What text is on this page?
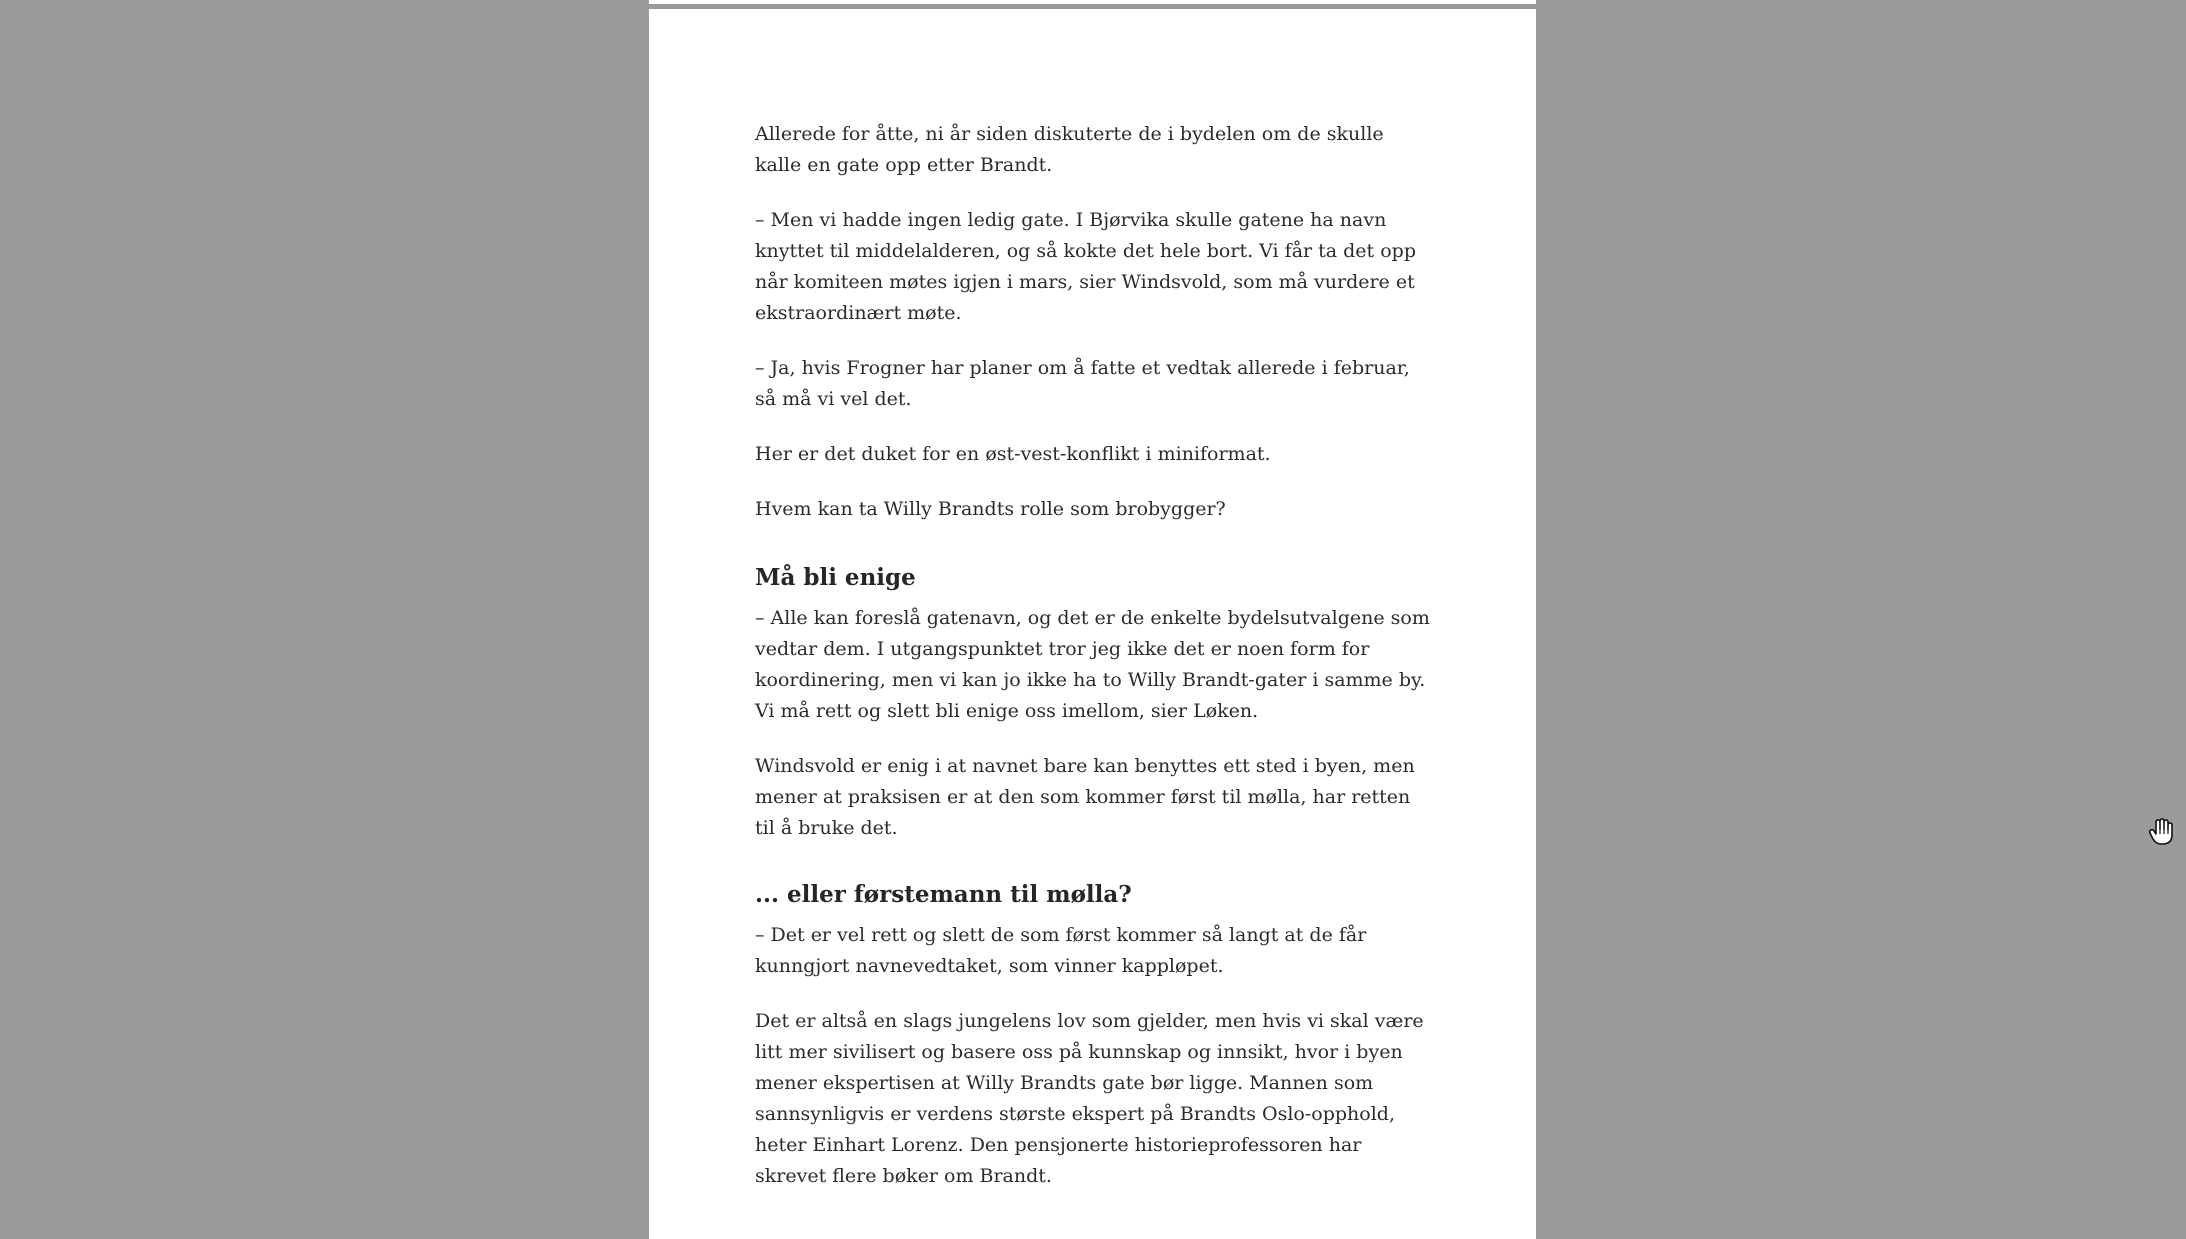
Allerede for åtte, ni år siden diskuterte de i bydelen om de skulle kalle en gate opp etter Brandt.

– Men vi hadde ingen ledig gate. I Bjørvika skulle gatene ha navn knyttet til middelalderen, og så kokte det hele bort. Vi får ta det opp når komiteen møtes igjen i mars, sier Windsvold, som må vurdere et ekstraordinært møte.

– Ja, hvis Frogner har planer om å fatte et vedtak allerede i februar, så må vi vel det.

Her er det duket for en øst-vest-konflikt i miniformat.

Hvem kan ta Willy Brandts rolle som brobygger?

Må bli enige

– Alle kan foreslå gatenavn, og det er de enkelte bydelsutvalgene som vedtar dem. I utgangspunktet tror jeg ikke det er noen form for koordinering, men vi kan jo ikke ha to Willy Brandt-gater i samme by. Vi må rett og slett bli enige oss imellom, sier Løken.

Windsvold er enig i at navnet bare kan benyttes ett sted i byen, men mener at praksisen er at den som kommer først til mølla, har retten til å bruke det.

... eller førstemann til mølla?

– Det er vel rett og slett de som først kommer så langt at de får kunngjort navnevedtaket, som vinner kappløpet.

Det er altså en slags jungelens lov som gjelder, men hvis vi skal være litt mer sivilisert og basere oss på kunnskap og innsikt, hvor i byen mener ekspertisen at Willy Brandts gate bør ligge. Mannen som sannsynligvis er verdens største ekspert på Brandts Oslo-opphold, heter Einhart Lorenz. Den pensjonerte historieprofessoren har skrevet flere bøker om Brandt.
